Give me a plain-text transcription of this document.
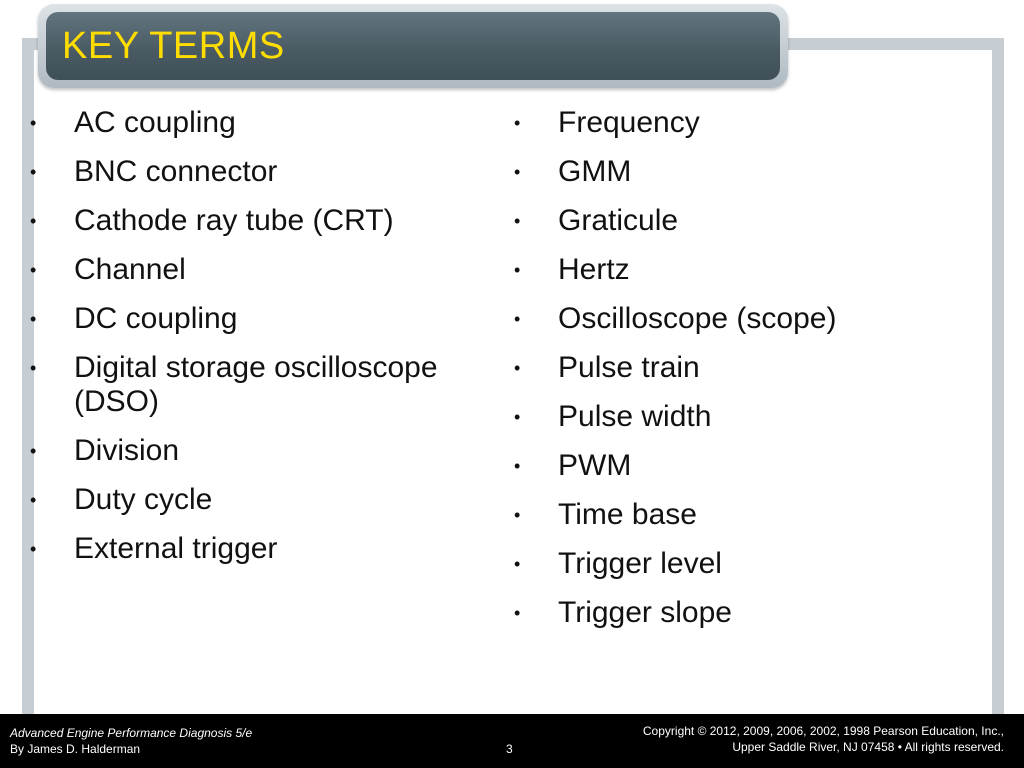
KEY TERMS
• AC coupling
• BNC connector
• Cathode ray tube (CRT)
• Channel
• DC coupling
• Digital storage oscilloscope (DSO)
• Division
• Duty cycle
• External trigger
• Frequency
• GMM
• Graticule
• Hertz
• Oscilloscope (scope)
• Pulse train
• Pulse width
• PWM
• Time base
• Trigger level
• Trigger slope
Advanced Engine Performance Diagnosis 5/e
By James D. Halderman	3
Copyright © 2012, 2009, 2006, 2002, 1998 Pearson Education, Inc.,
Upper Saddle River, NJ 07458 • All rights reserved.
